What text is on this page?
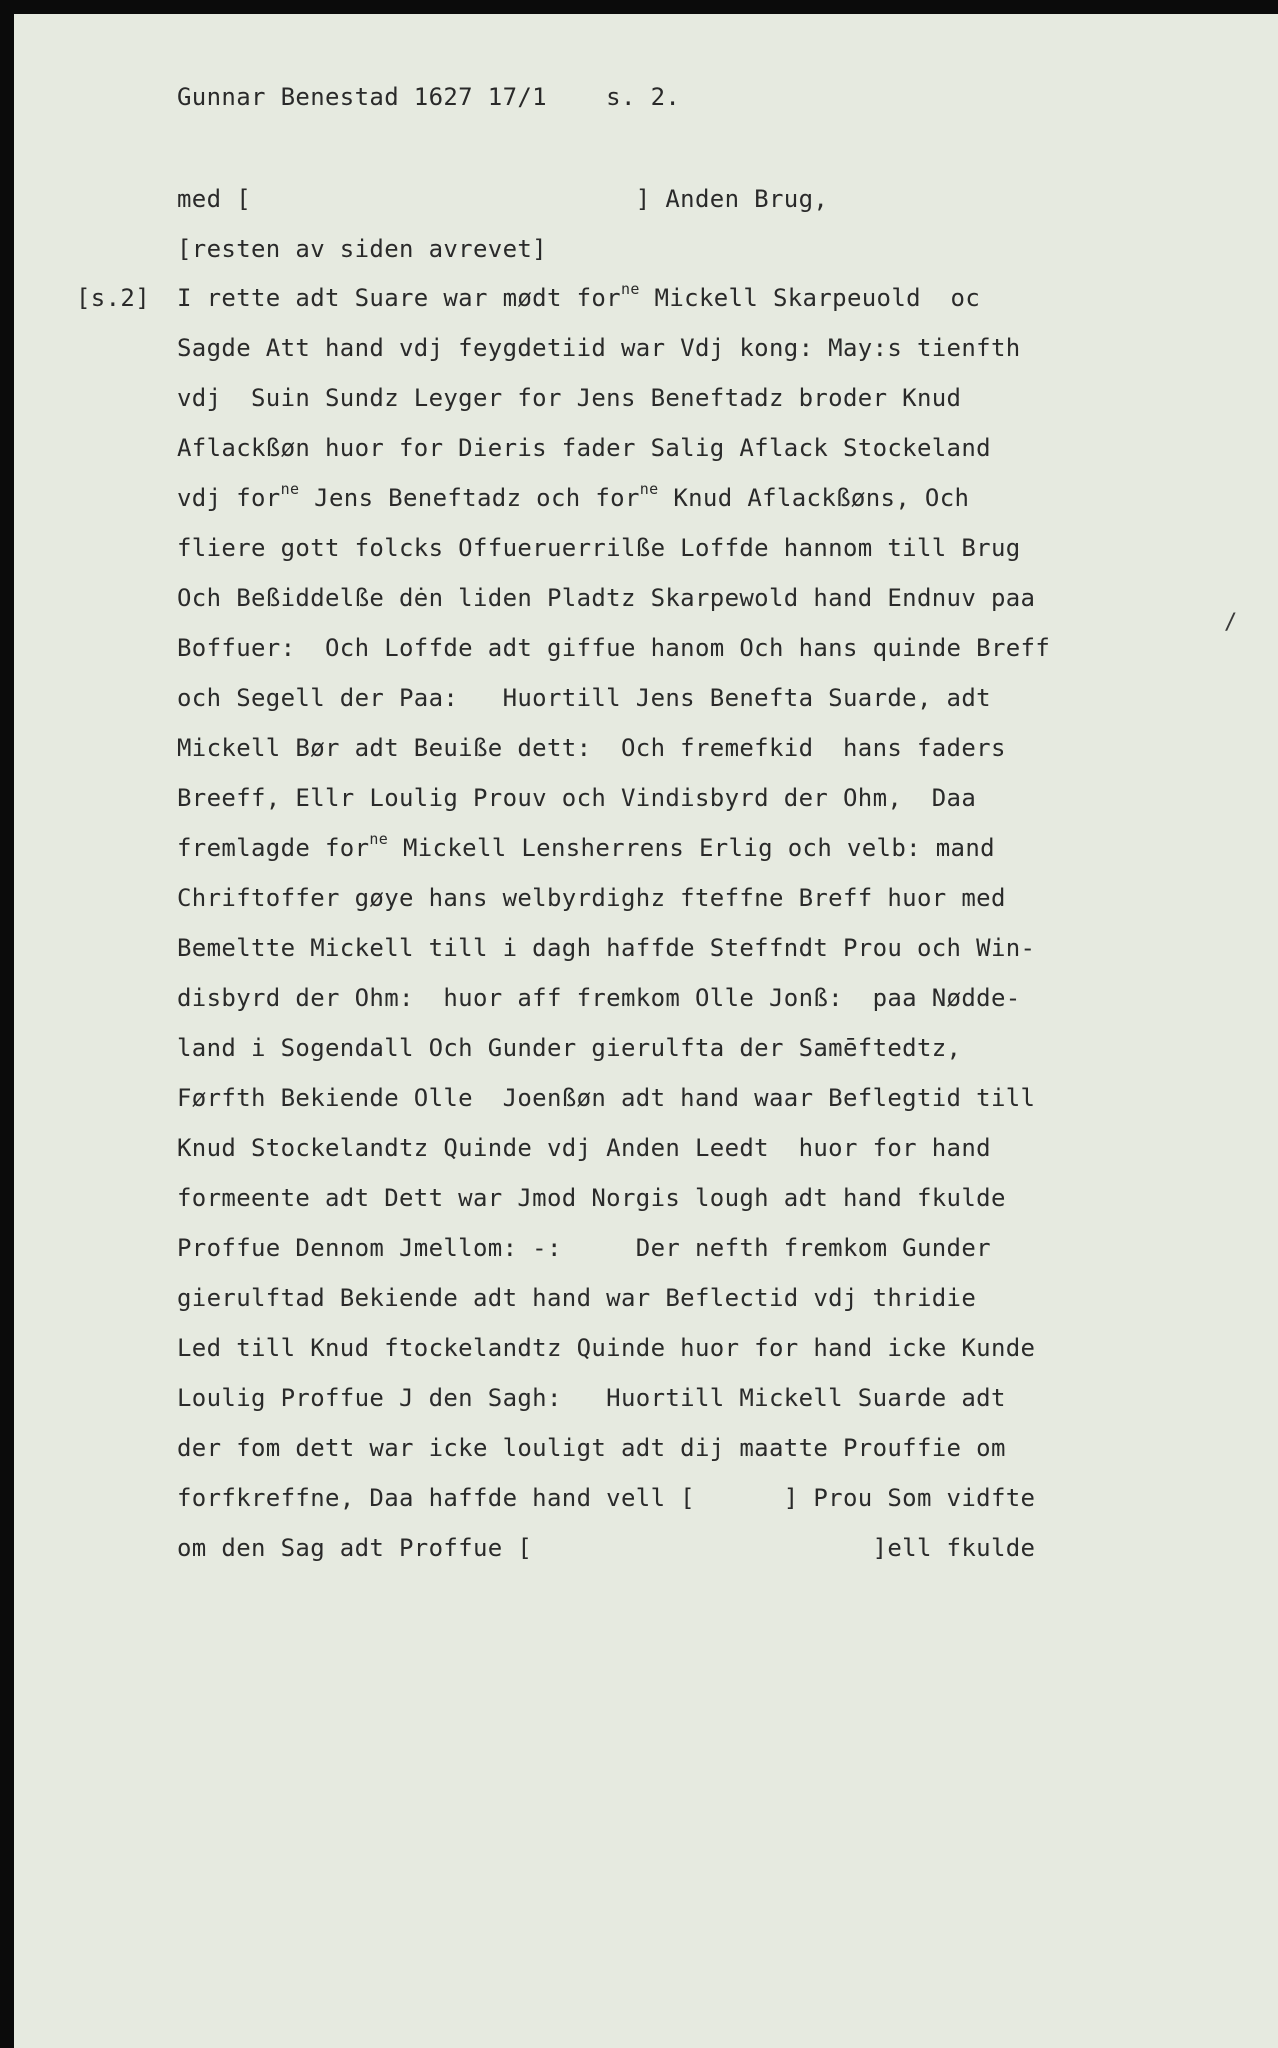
Gunnar Benestad 1627 17/1    s. 2.
med [                          ] Anden Brug,
[resten av siden avrevet]
[s.2] I rette adt Suare war mødt for$^{ne}$ Mickell Skarpeuold  oc
Sagde Att hand vdj feygdetiid war Vdj kong: May:s tienfth
vdj  Suin Sundz Leyger for Jens Beneftadz broder Knud
Aflackßøn huor for Dieris fader Salig Aflack Stockeland
vdj for$^{ne}$ Jens Beneftadz och for$^{ne}$ Knud Aflackßøns, Och
fliere gott folcks Offueruerrilße Loffde hannom till Brug
Och Beßiddelße dėn liden Pladtz Skarpewold hand Endnuv paa
/
Boffuer:  Och Loffde adt giffue hanom Och hans quinde Breff
och Segell der Paa:   Huortill Jens Benefta Suarde, adt
Mickell Bør adt Beuiße dett:  Och fremefkid  hans faders
Breeff, Ellr Loulig Prouv och Vindisbyrd der Ohm,  Daa
fremlagde for$^{ne}$ Mickell Lensherrens Erlig och velb: mand
Chriftoffer gøye hans welbyrdighz fteffne Breff huor med
Bemeltte Mickell till i dagh haffde Steffndt Prou och Win-
disbyrd der Ohm:  huor aff fremkom Olle Jonß:  paa Nødde-
land i Sogendall Och Gunder gierulfta der Samēftedtz,
Førfth Bekiende Olle  Joenßøn adt hand waar Beflegtid till
Knud Stockelandtz Quinde vdj Anden Leedt  huor for hand
formeente adt Dett war Jmod Norgis lough adt hand fkulde
Proffue Dennom Jmellom: -:     Der nefth fremkom Gunder
gierulftad Bekiende adt hand war Beflectid vdj thridie
Led till Knud ftockelandtz Quinde huor for hand icke Kunde
Loulig Proffue J den Sagh:   Huortill Mickell Suarde adt
der fom dett war icke louligt adt dij maatte Prouffie om
forfkreffne, Daa haffde hand vell [      ] Prou Som vidfte
om den Sag adt Proffue [                       ]ell fkulde
